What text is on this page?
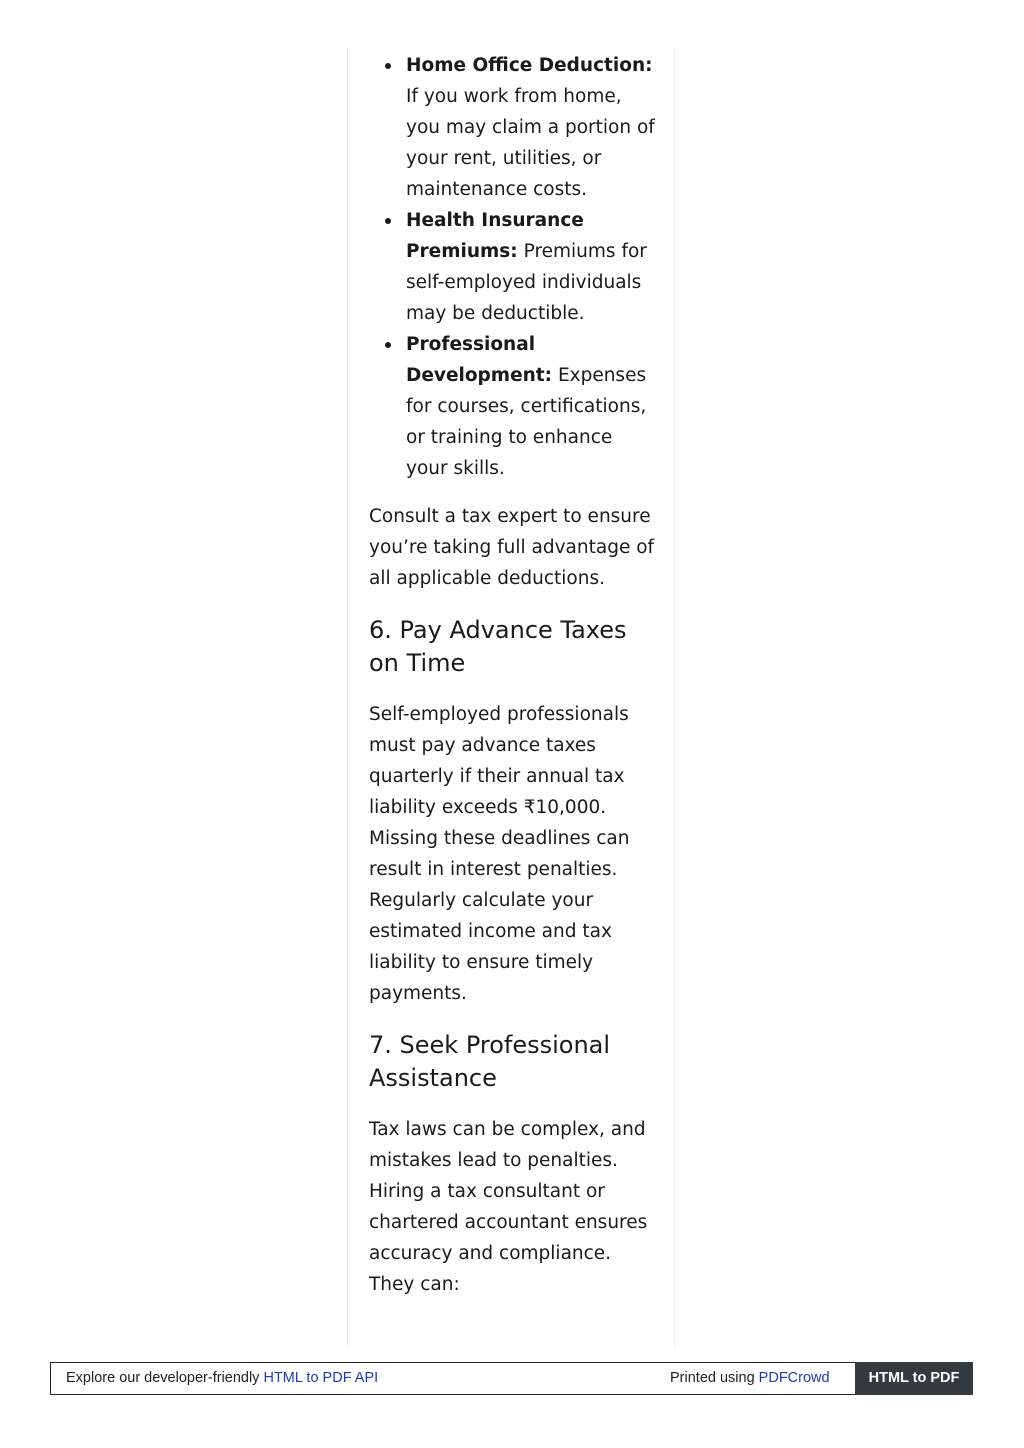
Home Office Deduction: If you work from home, you may claim a portion of your rent, utilities, or maintenance costs.
Health Insurance Premiums: Premiums for self-employed individuals may be deductible.
Professional Development: Expenses for courses, certifications, or training to enhance your skills.

Consult a tax expert to ensure you’re taking full advantage of all applicable deductions.

6. Pay Advance Taxes on Time

Self-employed professionals must pay advance taxes quarterly if their annual tax liability exceeds ₹10,000. Missing these deadlines can result in interest penalties. Regularly calculate your estimated income and tax liability to ensure timely payments.

7. Seek Professional Assistance

Tax laws can be complex, and mistakes lead to penalties. Hiring a tax consultant or chartered accountant ensures accuracy and compliance. They can:

Explore our developer-friendly HTML to PDF API	Printed using PDFCrowd	HTML to PDF
